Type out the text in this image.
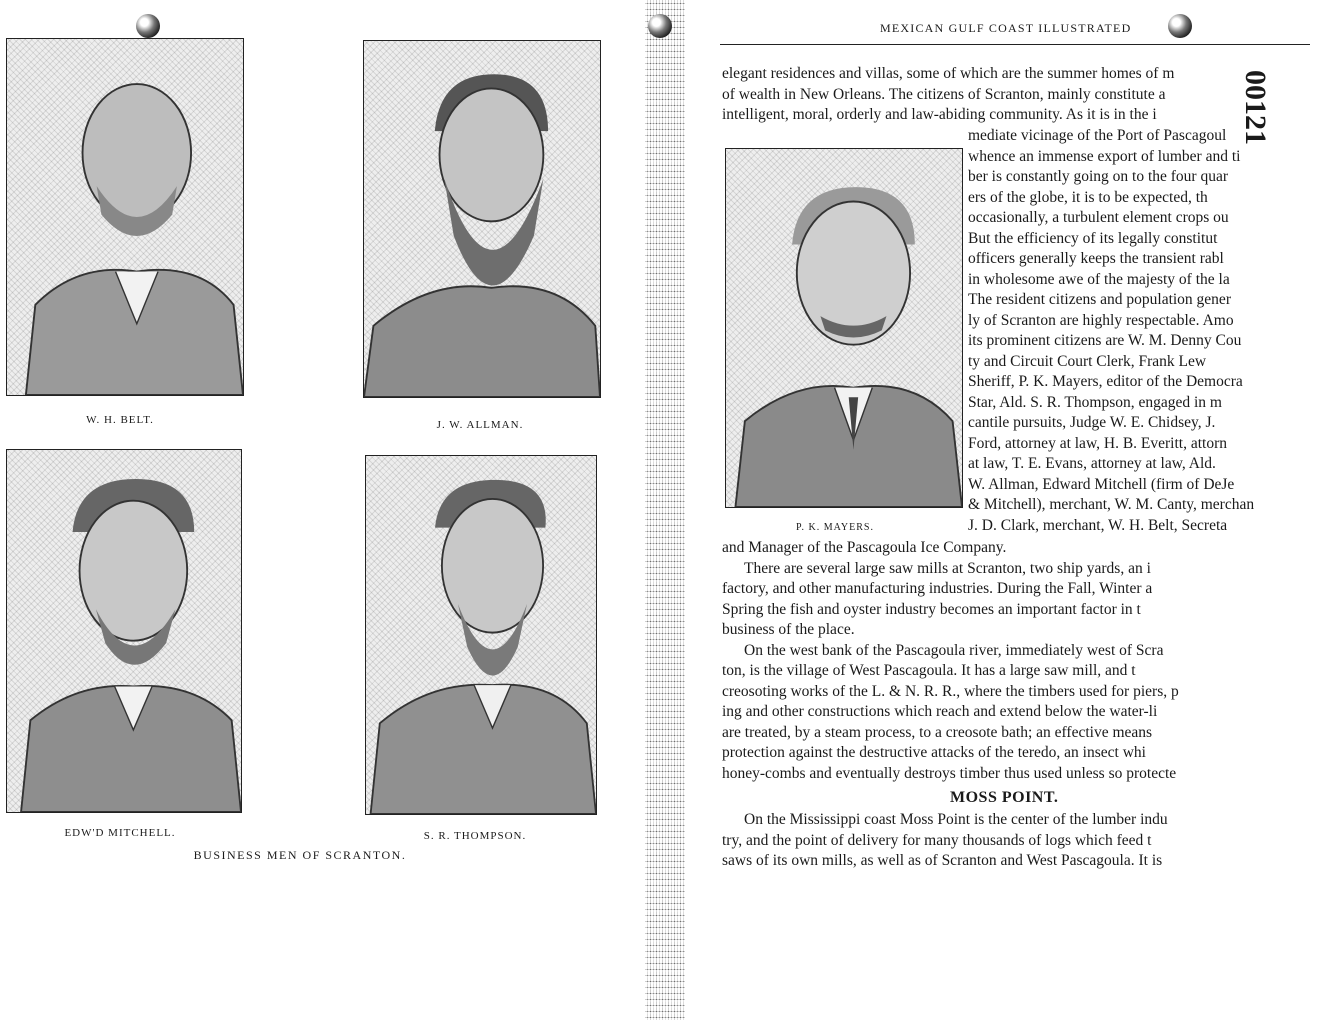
W. H. BELT.	J. W. ALLMAN.
EDW'D MITCHELL.	S. R. THOMPSON.
BUSINESS MEN OF SCRANTON.
MEXICAN GULF COAST ILLUSTRATED
00121
elegant residences and villas, some of which are the summer homes of m
of wealth in New Orleans. The citizens of Scranton, mainly constitute a
intelligent, moral, orderly and law-abiding community. As it is in the i
P. K. MAYERS.
mediate vicinage of the Port of Pascagoul
whence an immense export of lumber and ti
ber is constantly going on to the four quar
ers of the globe, it is to be expected, th
occasionally, a turbulent element crops ou
But the efficiency of its legally constitut
officers generally keeps the transient rabl
in wholesome awe of the majesty of the la
The resident citizens and population gener
ly of Scranton are highly respectable. Amo
its prominent citizens are W. M. Denny Cou
ty and Circuit Court Clerk, Frank Lew
Sheriff, P. K. Mayers, editor of the Democra
Star, Ald. S. R. Thompson, engaged in m
cantile pursuits, Judge W. E. Chidsey, J.
Ford, attorney at law, H. B. Everitt, attorn
at law, T. E. Evans, attorney at law, Ald.
W. Allman, Edward Mitchell (firm of DeJe
& Mitchell), merchant, W. M. Canty, merchan
J. D. Clark, merchant, W. H. Belt, Secreta
and Manager of the Pascagoula Ice Company.
There are several large saw mills at Scranton, two ship yards, an i
factory, and other manufacturing industries. During the Fall, Winter a
Spring the fish and oyster industry becomes an important factor in t
business of the place.
On the west bank of the Pascagoula river, immediately west of Scra
ton, is the village of West Pascagoula. It has a large saw mill, and t
creosoting works of the L. & N. R. R., where the timbers used for piers, p
ing and other constructions which reach and extend below the water-li
are treated, by a steam process, to a creosote bath; an effective means
protection against the destructive attacks of the teredo, an insect whi
honey-combs and eventually destroys timber thus used unless so protecte
MOSS POINT.
On the Mississippi coast Moss Point is the center of the lumber indu
try, and the point of delivery for many thousands of logs which feed t
saws of its own mills, as well as of Scranton and West Pascagoula. It is
